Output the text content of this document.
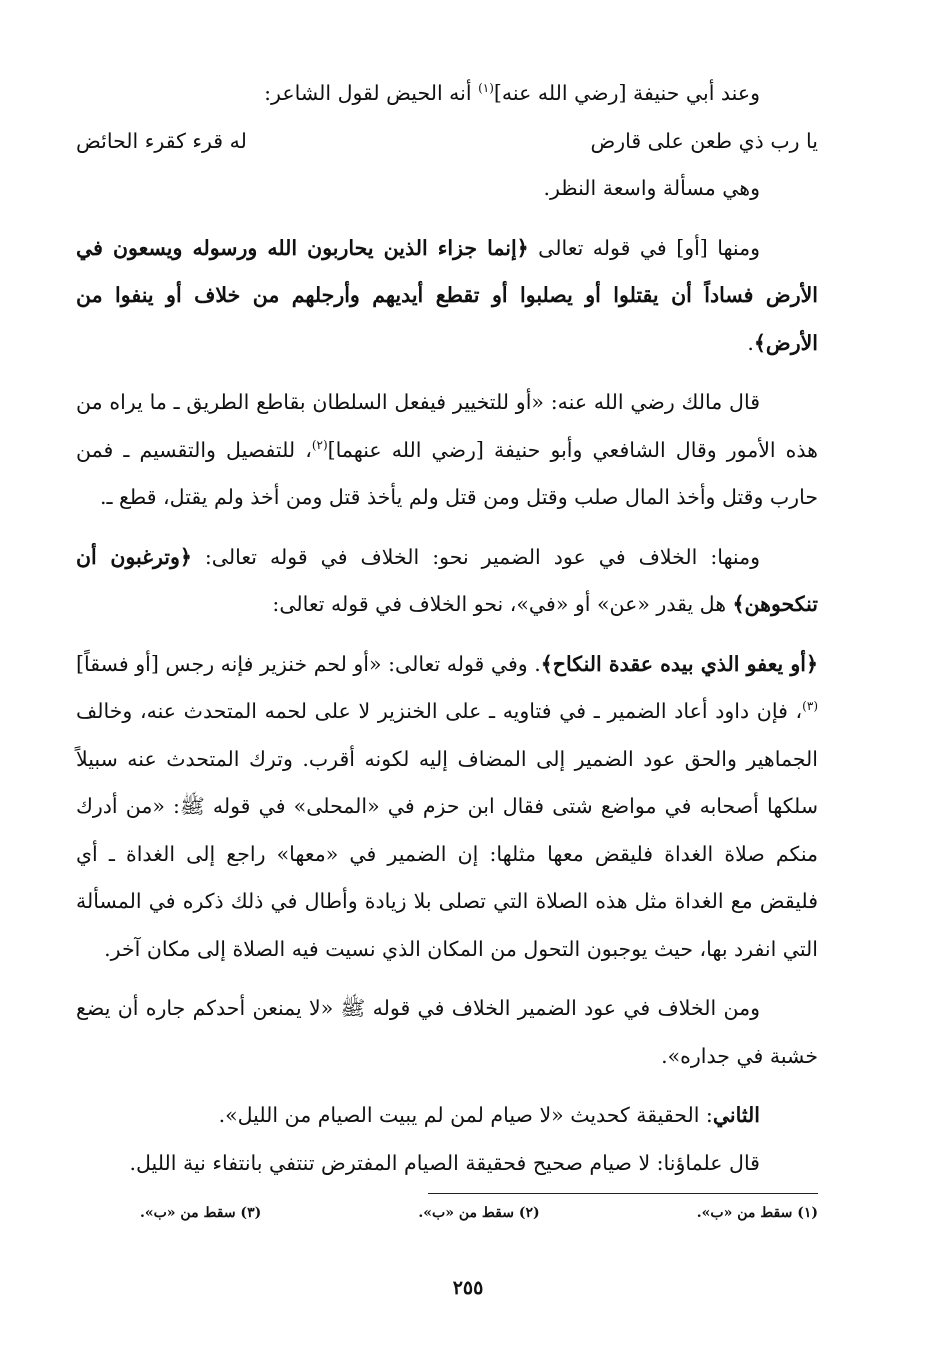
وعند أبي حنيفة [رضي الله عنه]$^{(١)}$ أنه الحيض لقول الشاعر:

يا رب ذي طعن على قارض
له قرء كقرء الحائض

وهي مسألة واسعة النظر.

ومنها [أو] في قوله تعالى ﴿إنما جزاء الذين يحاربون الله ورسوله ويسعون في الأرض فساداً أن يقتلوا أو يصلبوا أو تقطع أيديهم وأرجلهم من خلاف أو ينفوا من الأرض﴾.

قال مالك رضي الله عنه: «أو للتخيير فيفعل السلطان بقاطع الطريق ـ ما يراه من هذه الأمور وقال الشافعي وأبو حنيفة [رضي الله عنهما]$^{(٢)}$، للتفصيل والتقسيم ـ فمن حارب وقتل وأخذ المال صلب وقتل ومن قتل ولم يأخذ قتل ومن أخذ ولم يقتل، قطع ـ.

ومنها: الخلاف في عود الضمير نحو: الخلاف في قوله تعالى: ﴿وترغبون أن تنكحوهن﴾ هل يقدر «عن» أو «في»، نحو الخلاف في قوله تعالى:

﴿أو يعفو الذي بيده عقدة النكاح﴾. وفي قوله تعالى: «أو لحم خنزير فإنه رجس [أو فسقاً]$^{(٣)}$، فإن داود أعاد الضمير ـ في فتاويه ـ على الخنزير لا على لحمه المتحدث عنه، وخالف الجماهير والحق عود الضمير إلى المضاف إليه لكونه أقرب. وترك المتحدث عنه سبيلاً سلكها أصحابه في مواضع شتى فقال ابن حزم في «المحلى» في قوله ﷺ: «من أدرك منكم صلاة الغداة فليقض معها مثلها: إن الضمير في «معها» راجع إلى الغداة ـ أي فليقض مع الغداة مثل هذه الصلاة التي تصلى بلا زيادة وأطال في ذلك ذكره في المسألة التي انفرد بها، حيث يوجبون التحول من المكان الذي نسيت فيه الصلاة إلى مكان آخر.

ومن الخلاف في عود الضمير الخلاف في قوله ﷺ «لا يمنعن أحدكم جاره أن يضع خشبة في جداره».

الثاني: الحقيقة كحديث «لا صيام لمن لم يبيت الصيام من الليل».

قال علماؤنا: لا صيام صحيح فحقيقة الصيام المفترض تنتفي بانتفاء نية الليل.

(١) سقط من «ب».
(٢) سقط من «ب».
(٣) سقط من «ب».
٢٥٥
